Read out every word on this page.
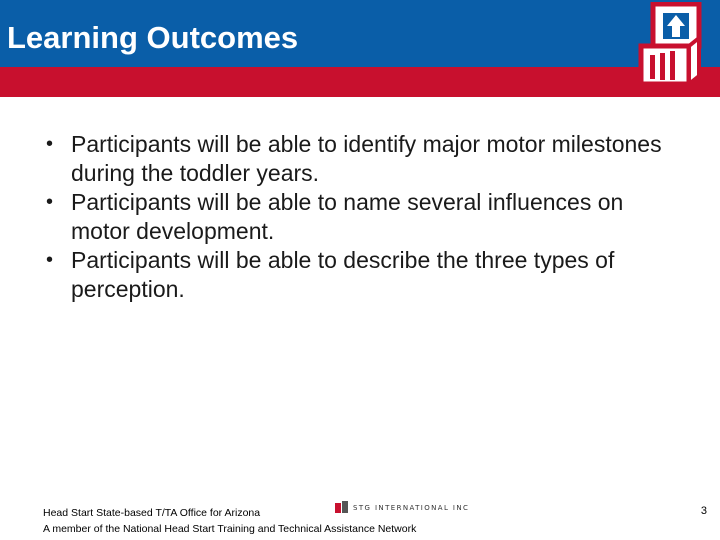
Learning Outcomes
• Participants will be able to identify major motor milestones during the toddler years.
• Participants will be able to name several influences on motor development.
• Participants will be able to describe the three types of perception.
Head Start State-based T/TA Office for Arizona
A member of the National Head Start Training and Technical Assistance Network
STG INTERNATIONAL INC	3
